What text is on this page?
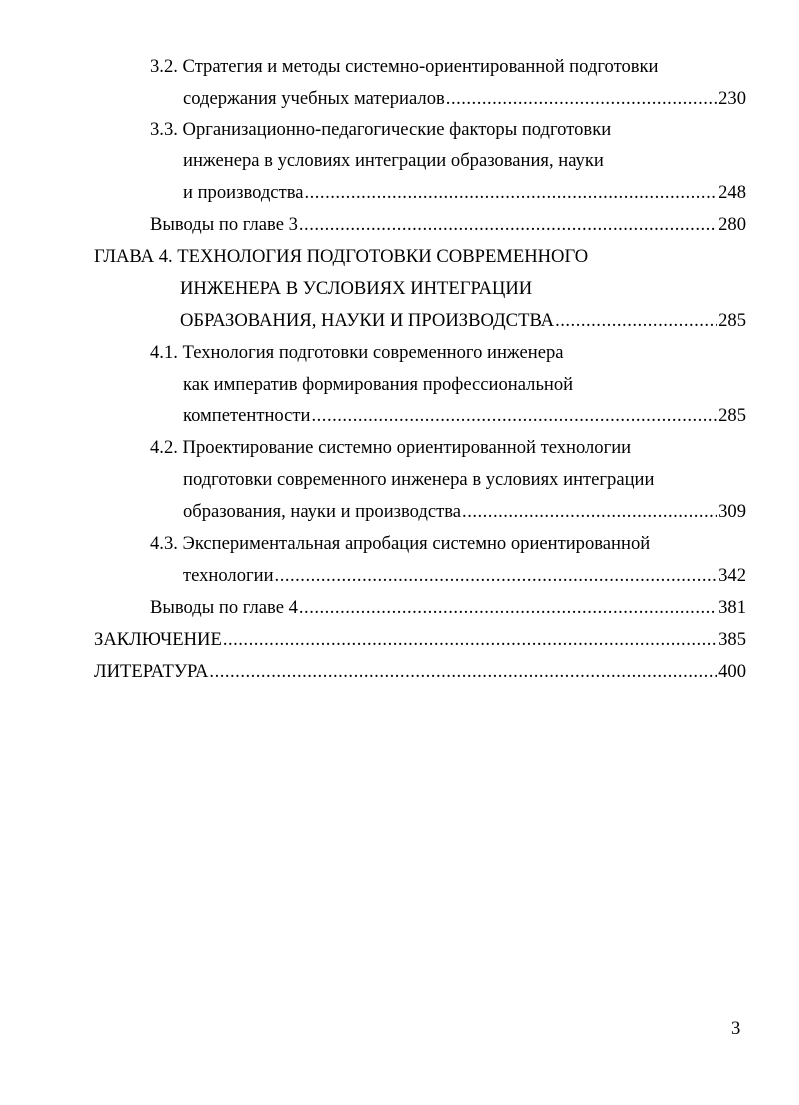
3.2. Стратегия и методы системно-ориентированной подготовки
содержания учебных материалов .....	230
3.3. Организационно-педагогические факторы подготовки
инженера в условиях интеграции образования, науки
и производства .....	248
Выводы по главе 3 .....	280
ГЛАВА 4. ТЕХНОЛОГИЯ ПОДГОТОВКИ СОВРЕМЕННОГО
ИНЖЕНЕРА В УСЛОВИЯХ ИНТЕГРАЦИИ
ОБРАЗОВАНИЯ, НАУКИ И ПРОИЗВОДСТВА .....	285
4.1. Технология подготовки современного инженера
как императив формирования профессиональной
компетентности .....	285
4.2. Проектирование системно ориентированной технологии
подготовки современного инженера в условиях интеграции
образования, науки и производства .....	309
4.3. Экспериментальная апробация системно ориентированной
технологии .....	342
Выводы по главе 4 .....	381
ЗАКЛЮЧЕНИЕ .....	385
ЛИТЕРАТУРА .....	400
3
